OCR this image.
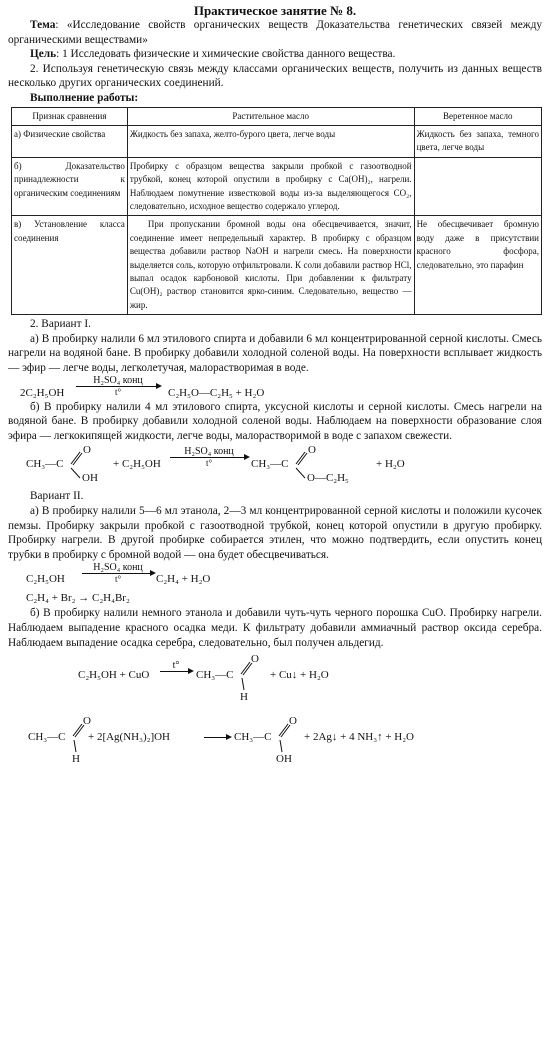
Практическое занятие № 8.

Тема: «Исследование свойств органических веществ Доказательства генетических связей между органическими веществами»

Цель: 1 Исследовать физические и химические свойства данного вещества.

2. Используя генетическую связь между классами органических веществ, получить из данных веществ несколько других органических соединений.

Выполнение работы:

Признак сравнения	Растительное масло	Веретенное масло
а) Физические свойства	Жидкость без запаха, желто-бурого цвета, легче воды	Жидкость без запаха, темного цвета, легче воды
б) Доказательство принадлежности к органическим соединениям	Пробирку с образцом вещества закрыли пробкой с газоотводной трубкой, конец которой опустили в пробирку с Ca(OH)₂, нагрели. Наблюдаем помутнение известковой воды из-за выделяющегося CO₂, следовательно, исходное вещество содержало углерод.	
в) Установление класса соединения	При пропускании бромной воды она обесцвечивается, значит, соединение имеет непредельный характер. В пробирку с образцом вещества добавили раствор NaOH и нагрели смесь. На поверхности выделяется соль, которую отфильтровали. К соли добавили раствор HCl, выпал осадок карбоновой кислоты. При добавлении к фильтрату Cu(OH)₂ раствор становится ярко-синим. Следовательно, вещество — жир.	Не обесцвечивает бромную воду даже в присутствии красного фосфора, следовательно, это парафин

2. Вариант I.

а) В пробирку налили 6 мл этилового спирта и добавили 6 мл концентрированной серной кислоты. Смесь нагрели на водяной бане. В пробирку добавили холодной соленой воды. На поверхности всплывает жидкость — эфир — легче воды, легколетучая, малорастворимая в воде.

2C₂H₅OH
H₂SO₄ конц
t°	C₂H₅O—C₂H₅ + H₂O

б) В пробирку налили 4 мл этилового спирта, уксусной кислоты и серной кислоты. Смесь нагрели на водяной бане. В пробирку добавили холодной соленой воды. Наблюдаем на поверхности образование слоя эфира — легкокипящей жидкости, легче воды, малорастворимой в воде с запахом свежести.

CH₃—C
O
OH
+ C₂H₅OH
H₂SO₄ конц
t°	CH₃—C
O
O—C₂H₅
+ H₂O

Вариант II.

а) В пробирку налили 5—6 мл этанола, 2—3 мл концентрированной серной кислоты и положили кусочек пемзы. Пробирку закрыли пробкой с газоотводной трубкой, конец которой опустили в другую пробирку. Пробирку нагрели. В другой пробирке собирается этилен, что можно подтвердить, если опустить конец трубки в пробирку с бромной водой — она будет обесцвечиваться.

C₂H₅OH
H₂SO₄ конц
t°	C₂H₄ + H₂O
C₂H₄ + Br₂ → C₂H₄Br₂

б) В пробирку налили немного этанола и добавили чуть-чуть черного порошка CuO. Пробирку нагрели. Наблюдаем выпадение красного осадка меди. К фильтрату добавили аммиачный раствор оксида серебра. Наблюдаем выпадение осадка серебра, следовательно, был получен альдегид.

C₂H₅OH + CuO
t°
CH₃—C
O
H
+ Cu↓ + H₂O
CH₃—C
O
H
+ 2[Ag(NH₃)₂]OH	CH₃—C
O
OH
+ 2Ag↓ + 4 NH₃↑ + H₂O
